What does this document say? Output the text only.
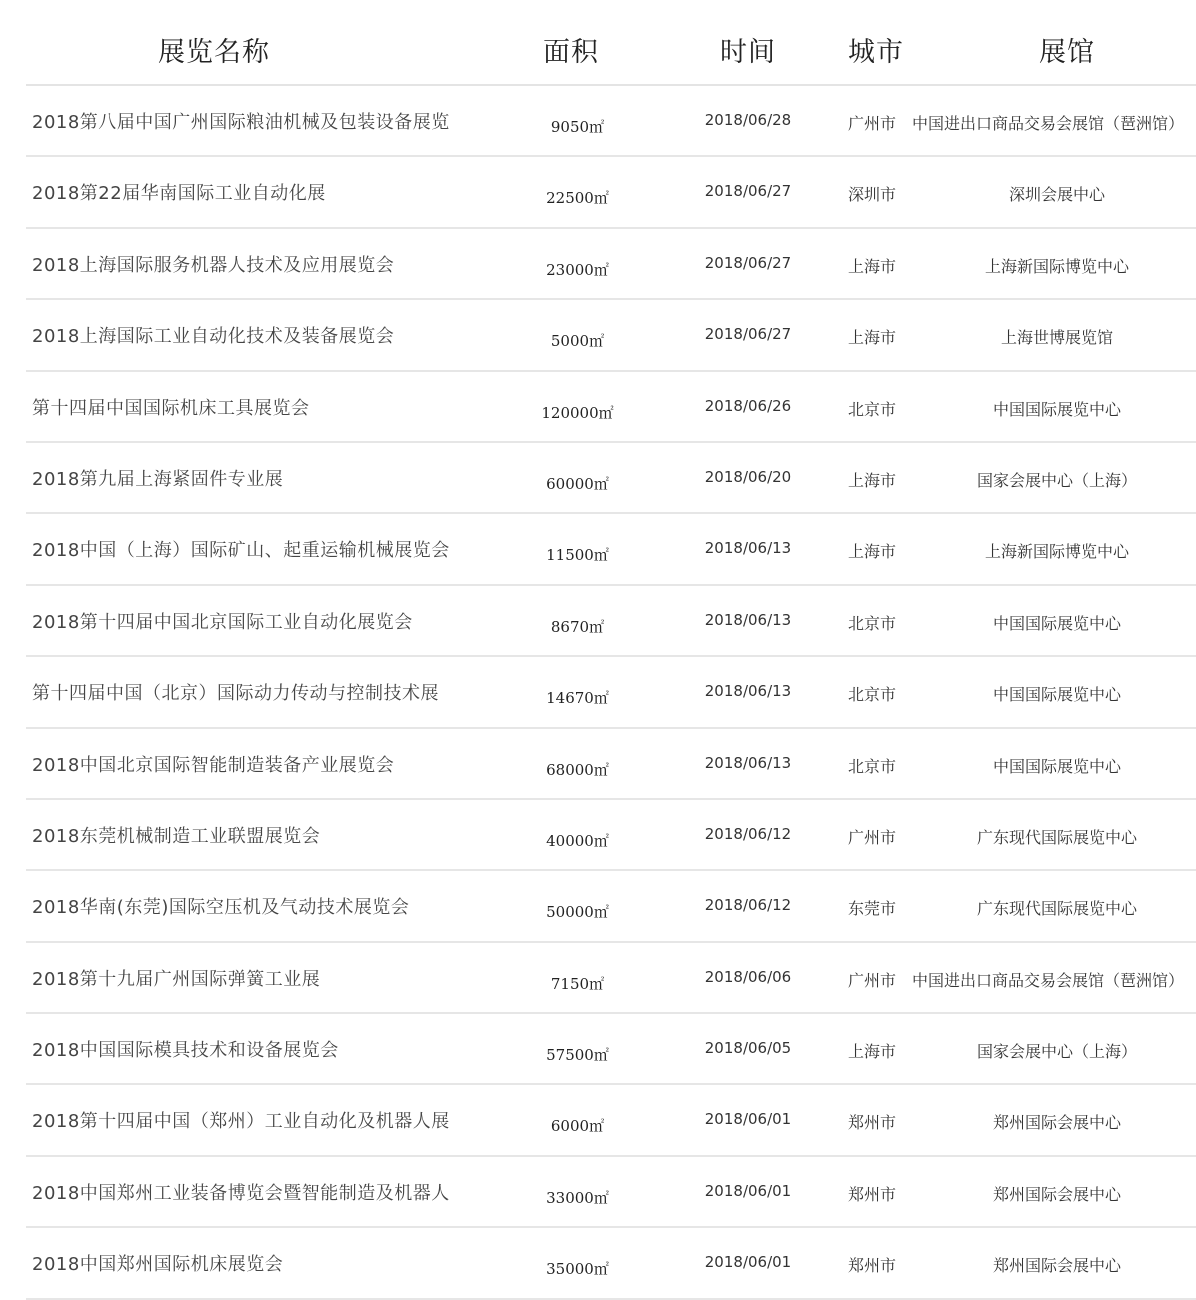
展览名称	面积	时间	城市	展馆
2018第八届中国广州国际粮油机械及包装设备展览	9050㎡	2018/06/28	广州市	中国进出口商品交易会展馆（琶洲馆）
2018第22届华南国际工业自动化展	22500㎡	2018/06/27	深圳市	深圳会展中心
2018上海国际服务机器人技术及应用展览会	23000㎡	2018/06/27	上海市	上海新国际博览中心
2018上海国际工业自动化技术及装备展览会	5000㎡	2018/06/27	上海市	上海世博展览馆
第十四届中国国际机床工具展览会	120000㎡	2018/06/26	北京市	中国国际展览中心
2018第九届上海紧固件专业展	60000㎡	2018/06/20	上海市	国家会展中心（上海）
2018中国（上海）国际矿山、起重运输机械展览会	11500㎡	2018/06/13	上海市	上海新国际博览中心
2018第十四届中国北京国际工业自动化展览会	8670㎡	2018/06/13	北京市	中国国际展览中心
第十四届中国（北京）国际动力传动与控制技术展	14670㎡	2018/06/13	北京市	中国国际展览中心
2018中国北京国际智能制造装备产业展览会	68000㎡	2018/06/13	北京市	中国国际展览中心
2018东莞机械制造工业联盟展览会	40000㎡	2018/06/12	广州市	广东现代国际展览中心
2018华南(东莞)国际空压机及气动技术展览会	50000㎡	2018/06/12	东莞市	广东现代国际展览中心
2018第十九届广州国际弹簧工业展	7150㎡	2018/06/06	广州市	中国进出口商品交易会展馆（琶洲馆）
2018中国国际模具技术和设备展览会	57500㎡	2018/06/05	上海市	国家会展中心（上海）
2018第十四届中国（郑州）工业自动化及机器人展	6000㎡	2018/06/01	郑州市	郑州国际会展中心
2018中国郑州工业装备博览会暨智能制造及机器人	33000㎡	2018/06/01	郑州市	郑州国际会展中心
2018中国郑州国际机床展览会	35000㎡	2018/06/01	郑州市	郑州国际会展中心
